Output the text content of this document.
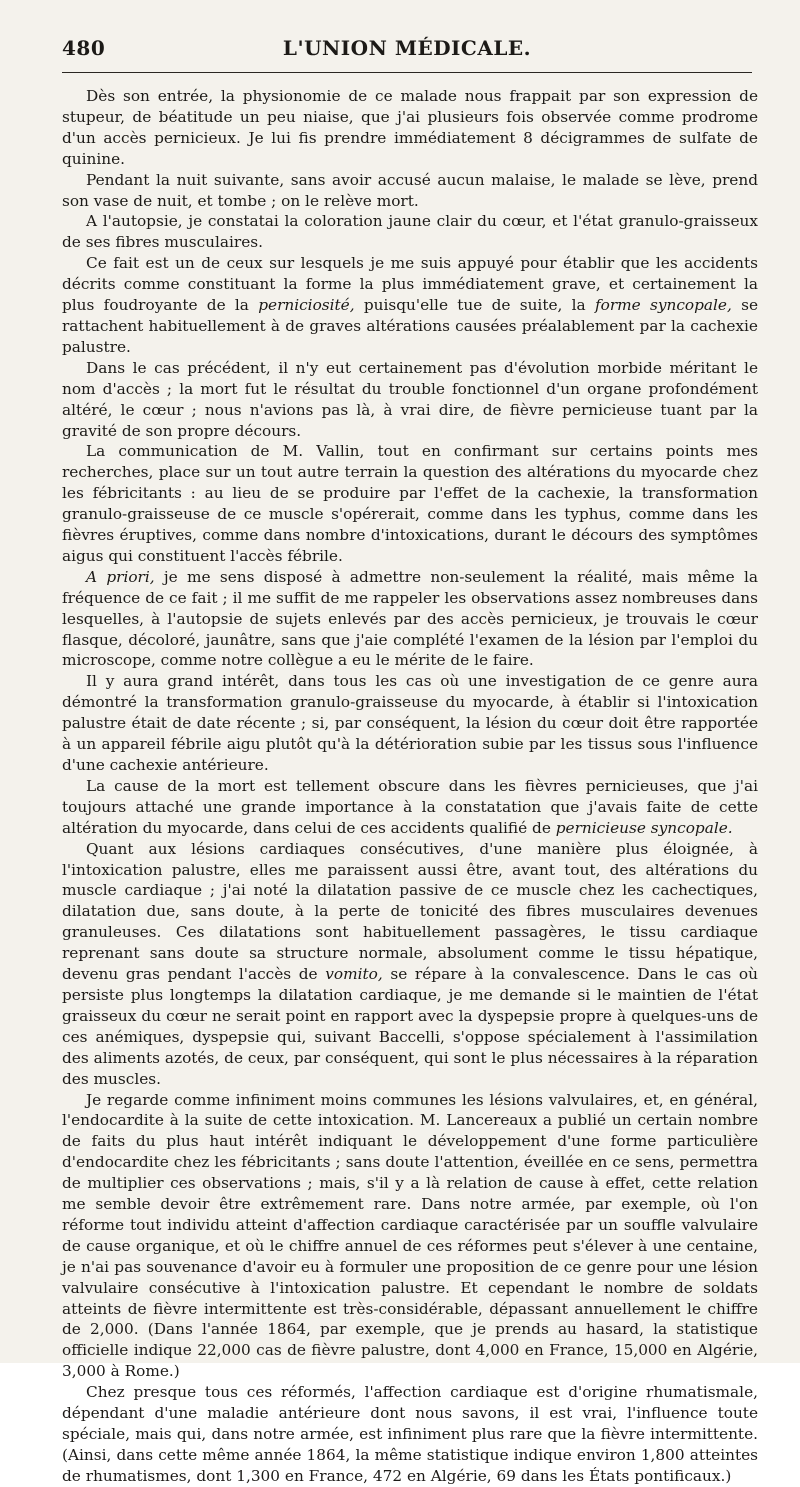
480	L'UNION MÉDICALE.

Dès son entrée, la physionomie de ce malade nous frappait par son expression de stupeur, de béatitude un peu niaise, que j'ai plusieurs fois observée comme prodrome d'un accès pernicieux. Je lui fis prendre immédiatement 8 décigrammes de sulfate de quinine.

Pendant la nuit suivante, sans avoir accusé aucun malaise, le malade se lève, prend son vase de nuit, et tombe ; on le relève mort.

A l'autopsie, je constatai la coloration jaune clair du cœur, et l'état granulo-graisseux de ses fibres musculaires.

Ce fait est un de ceux sur lesquels je me suis appuyé pour établir que les accidents décrits comme constituant la forme la plus immédiatement grave, et certainement la plus foudroyante de la perniciosité, puisqu'elle tue de suite, la forme syncopale, se rattachent habituellement à de graves altérations causées préalablement par la cachexie palustre.

Dans le cas précédent, il n'y eut certainement pas d'évolution morbide méritant le nom d'accès ; la mort fut le résultat du trouble fonctionnel d'un organe profondément altéré, le cœur ; nous n'avions pas là, à vrai dire, de fièvre pernicieuse tuant par la gravité de son propre décours.

La communication de M. Vallin, tout en confirmant sur certains points mes recherches, place sur un tout autre terrain la question des altérations du myocarde chez les fébricitants : au lieu de se produire par l'effet de la cachexie, la transformation granulo-graisseuse de ce muscle s'opérerait, comme dans les typhus, comme dans les fièvres éruptives, comme dans nombre d'intoxications, durant le décours des symptômes aigus qui constituent l'accès fébrile.

A priori, je me sens disposé à admettre non-seulement la réalité, mais même la fréquence de ce fait ; il me suffit de me rappeler les observations assez nombreuses dans lesquelles, à l'autopsie de sujets enlevés par des accès pernicieux, je trouvais le cœur flasque, décoloré, jaunâtre, sans que j'aie complété l'examen de la lésion par l'emploi du microscope, comme notre collègue a eu le mérite de le faire.

Il y aura grand intérêt, dans tous les cas où une investigation de ce genre aura démontré la transformation granulo-graisseuse du myocarde, à établir si l'intoxication palustre était de date récente ; si, par conséquent, la lésion du cœur doit être rapportée à un appareil fébrile aigu plutôt qu'à la détérioration subie par les tissus sous l'influence d'une cachexie antérieure.

La cause de la mort est tellement obscure dans les fièvres pernicieuses, que j'ai toujours attaché une grande importance à la constatation que j'avais faite de cette altération du myocarde, dans celui de ces accidents qualifié de pernicieuse syncopale.

Quant aux lésions cardiaques consécutives, d'une manière plus éloignée, à l'intoxication palustre, elles me paraissent aussi être, avant tout, des altérations du muscle cardiaque ; j'ai noté la dilatation passive de ce muscle chez les cachectiques, dilatation due, sans doute, à la perte de tonicité des fibres musculaires devenues granuleuses. Ces dilatations sont habituellement passagères, le tissu cardiaque reprenant sans doute sa structure normale, absolument comme le tissu hépatique, devenu gras pendant l'accès de vomito, se répare à la convalescence. Dans le cas où persiste plus longtemps la dilatation cardiaque, je me demande si le maintien de l'état graisseux du cœur ne serait point en rapport avec la dyspepsie propre à quelques-uns de ces anémiques, dyspepsie qui, suivant Baccelli, s'oppose spécialement à l'assimilation des aliments azotés, de ceux, par conséquent, qui sont le plus nécessaires à la réparation des muscles.

Je regarde comme infiniment moins communes les lésions valvulaires, et, en général, l'endocardite à la suite de cette intoxication. M. Lancereaux a publié un certain nombre de faits du plus haut intérêt indiquant le développement d'une forme particulière d'endocardite chez les fébricitants ; sans doute l'attention, éveillée en ce sens, permettra de multiplier ces observations ; mais, s'il y a là relation de cause à effet, cette relation me semble devoir être extrêmement rare. Dans notre armée, par exemple, où l'on réforme tout individu atteint d'affection cardiaque caractérisée par un souffle valvulaire de cause organique, et où le chiffre annuel de ces réformes peut s'élever à une centaine, je n'ai pas souvenance d'avoir eu à formuler une proposition de ce genre pour une lésion valvulaire consécutive à l'intoxication palustre. Et cependant le nombre de soldats atteints de fièvre intermittente est très-considérable, dépassant annuellement le chiffre de 2,000. (Dans l'année 1864, par exemple, que je prends au hasard, la statistique officielle indique 22,000 cas de fièvre palustre, dont 4,000 en France, 15,000 en Algérie, 3,000 à Rome.)

Chez presque tous ces réformés, l'affection cardiaque est d'origine rhumatismale, dépendant d'une maladie antérieure dont nous savons, il est vrai, l'influence toute spéciale, mais qui, dans notre armée, est infiniment plus rare que la fièvre intermittente. (Ainsi, dans cette même année 1864, la même statistique indique environ 1,800 atteintes de rhumatismes, dont 1,300 en France, 472 en Algérie, 69 dans les États pontificaux.)
